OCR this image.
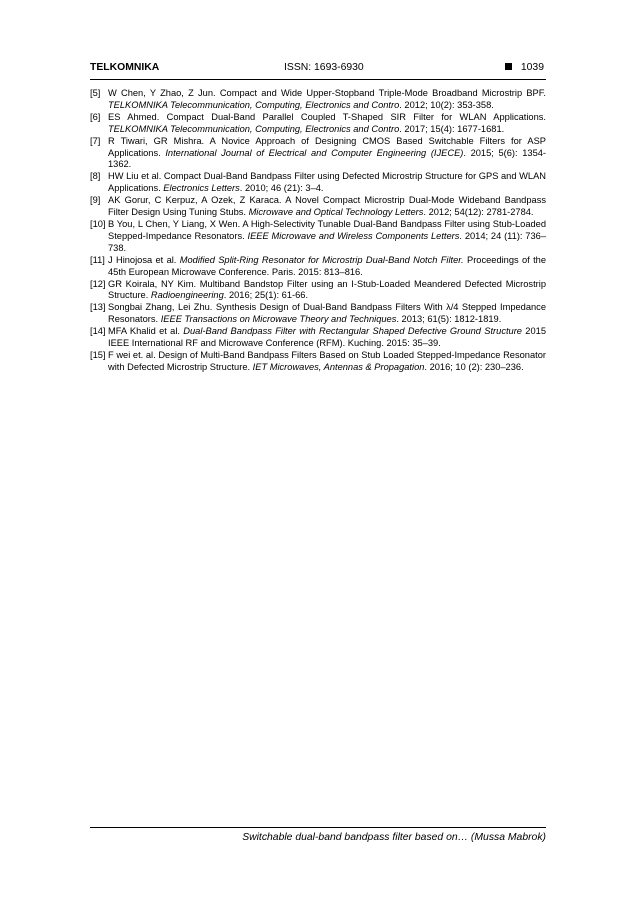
TELKOMNIKA	ISSN: 1693-6930	1039

[5] W Chen, Y Zhao, Z Jun. Compact and Wide Upper-Stopband Triple-Mode Broadband Microstrip BPF. TELKOMNIKA Telecommunication, Computing, Electronics and Contro. 2012; 10(2): 353-358.

[6] ES Ahmed. Compact Dual-Band Parallel Coupled T-Shaped SIR Filter for WLAN Applications. TELKOMNIKA Telecommunication, Computing, Electronics and Contro. 2017; 15(4): 1677-1681.

[7] R Tiwari, GR Mishra. A Novice Approach of Designing CMOS Based Switchable Filters for ASP Applications. International Journal of Electrical and Computer Engineering (IJECE). 2015; 5(6): 1354-1362.

[8] HW Liu et al. Compact Dual-Band Bandpass Filter using Defected Microstrip Structure for GPS and WLAN Applications. Electronics Letters. 2010; 46 (21): 3–4.

[9] AK Gorur, C Kerpuz, A Ozek, Z Karaca. A Novel Compact Microstrip Dual-Mode Wideband Bandpass Filter Design Using Tuning Stubs. Microwave and Optical Technology Letters. 2012; 54(12): 2781-2784.

[10] B You, L Chen, Y Liang, X Wen. A High-Selectivity Tunable Dual-Band Bandpass Filter using Stub-Loaded Stepped-Impedance Resonators. IEEE Microwave and Wireless Components Letters. 2014; 24 (11): 736–738.

[11] J Hinojosa et al. Modified Split-Ring Resonator for Microstrip Dual-Band Notch Filter. Proceedings of the 45th European Microwave Conference. Paris. 2015: 813–816.

[12] GR Koirala, NY Kim. Multiband Bandstop Filter using an I-Stub-Loaded Meandered Defected Microstrip Structure. Radioengineering. 2016; 25(1): 61-66.

[13] Songbai Zhang, Lei Zhu. Synthesis Design of Dual-Band Bandpass Filters With λ/4 Stepped Impedance Resonators. IEEE Transactions on Microwave Theory and Techniques. 2013; 61(5): 1812-1819.

[14] MFA Khalid et al. Dual-Band Bandpass Filter with Rectangular Shaped Defective Ground Structure 2015 IEEE International RF and Microwave Conference (RFM). Kuching. 2015: 35–39.

[15] F wei et. al. Design of Multi-Band Bandpass Filters Based on Stub Loaded Stepped-Impedance Resonator with Defected Microstrip Structure. IET Microwaves, Antennas & Propagation. 2016; 10 (2): 230–236.

Switchable dual-band bandpass filter based on… (Mussa Mabrok)
